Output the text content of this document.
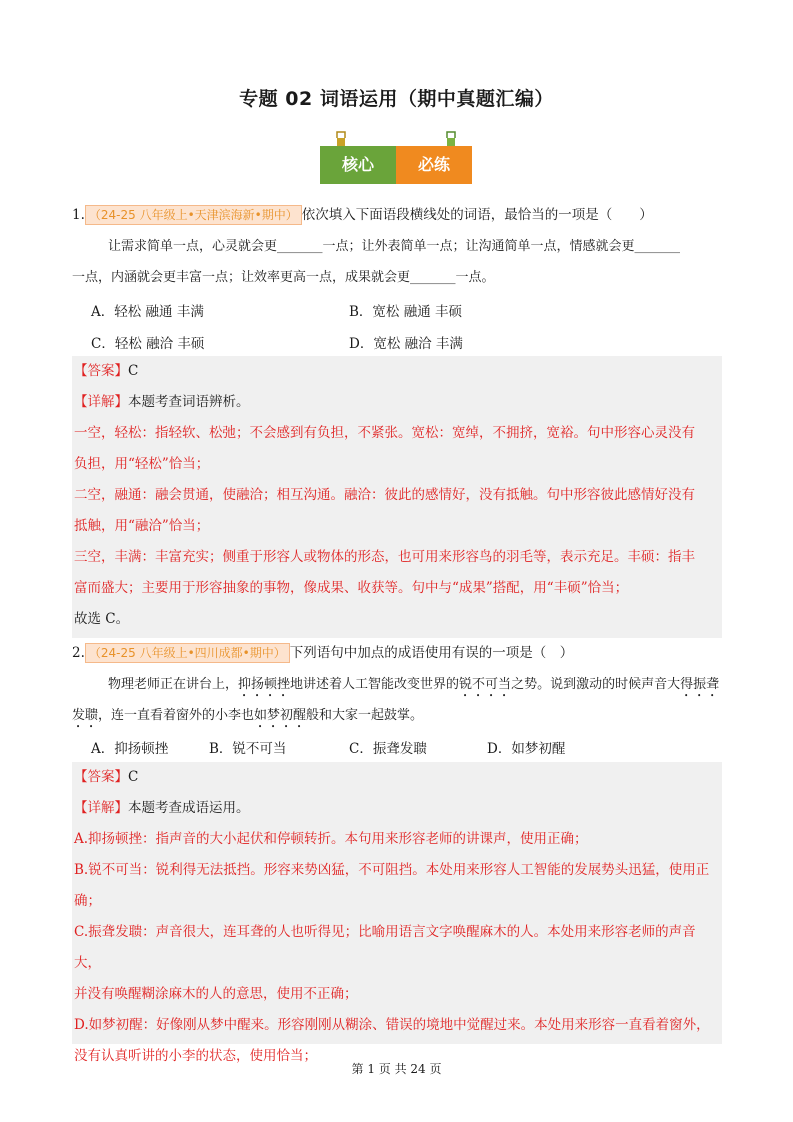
专题 02 词语运用（期中真题汇编）
核心	必练
1. （24-25 八年级上•天津滨海新•期中） 依次填入下面语段横线处的词语，最恰当的一项是（　　）
让需求简单一点，心灵就会更_______一点；让外表简单一点；让沟通简单一点，情感就会更_______
一点，内涵就会更丰富一点；让效率更高一点，成果就会更_______一点。
A．轻松 融通 丰满	B．宽松 融通 丰硕
C．轻松 融洽 丰硕	D．宽松 融洽 丰满

【答案】C

【详解】本题考查词语辨析。

一空，轻松：指轻软、松弛；不会感到有负担，不紧张。宽松：宽绰，不拥挤，宽裕。句中形容心灵没有

负担，用“轻松”恰当；

二空，融通：融会贯通，使融洽；相互沟通。融洽：彼此的感情好，没有抵触。句中形容彼此感情好没有

抵触，用“融洽”恰当；

三空，丰满：丰富充实；侧重于形容人或物体的形态，也可用来形容鸟的羽毛等，表示充足。丰硕：指丰

富而盛大；主要用于形容抽象的事物，像成果、收获等。句中与“成果”搭配，用“丰硕”恰当；

故选 C。

2. （24-25 八年级上•四川成都•期中） 下列语句中加点的成语使用有误的一项是（　）
物理老师正在讲台上，抑扬顿挫地讲述着人工智能改变世界的锐不可当之势。说到激动的时候声音大得振聋发聩，连一直看着窗外的小李也如梦初醒般和大家一起鼓掌。
A．抑扬顿挫	B．锐不可当	C．振聋发聩	D．如梦初醒

【答案】C

【详解】本题考查成语运用。

A.抑扬顿挫：指声音的大小起伏和停顿转折。本句用来形容老师的讲课声，使用正确；

B.锐不可当：锐利得无法抵挡。形容来势凶猛，不可阻挡。本处用来形容人工智能的发展势头迅猛，使用正

确；

C.振聋发聩：声音很大，连耳聋的人也听得见；比喻用语言文字唤醒麻木的人。本处用来形容老师的声音大，

并没有唤醒糊涂麻木的人的意思，使用不正确；

D.如梦初醒：好像刚从梦中醒来。形容刚刚从糊涂、错误的境地中觉醒过来。本处用来形容一直看着窗外，

没有认真听讲的小李的状态，使用恰当；

第 1 页 共 24 页
